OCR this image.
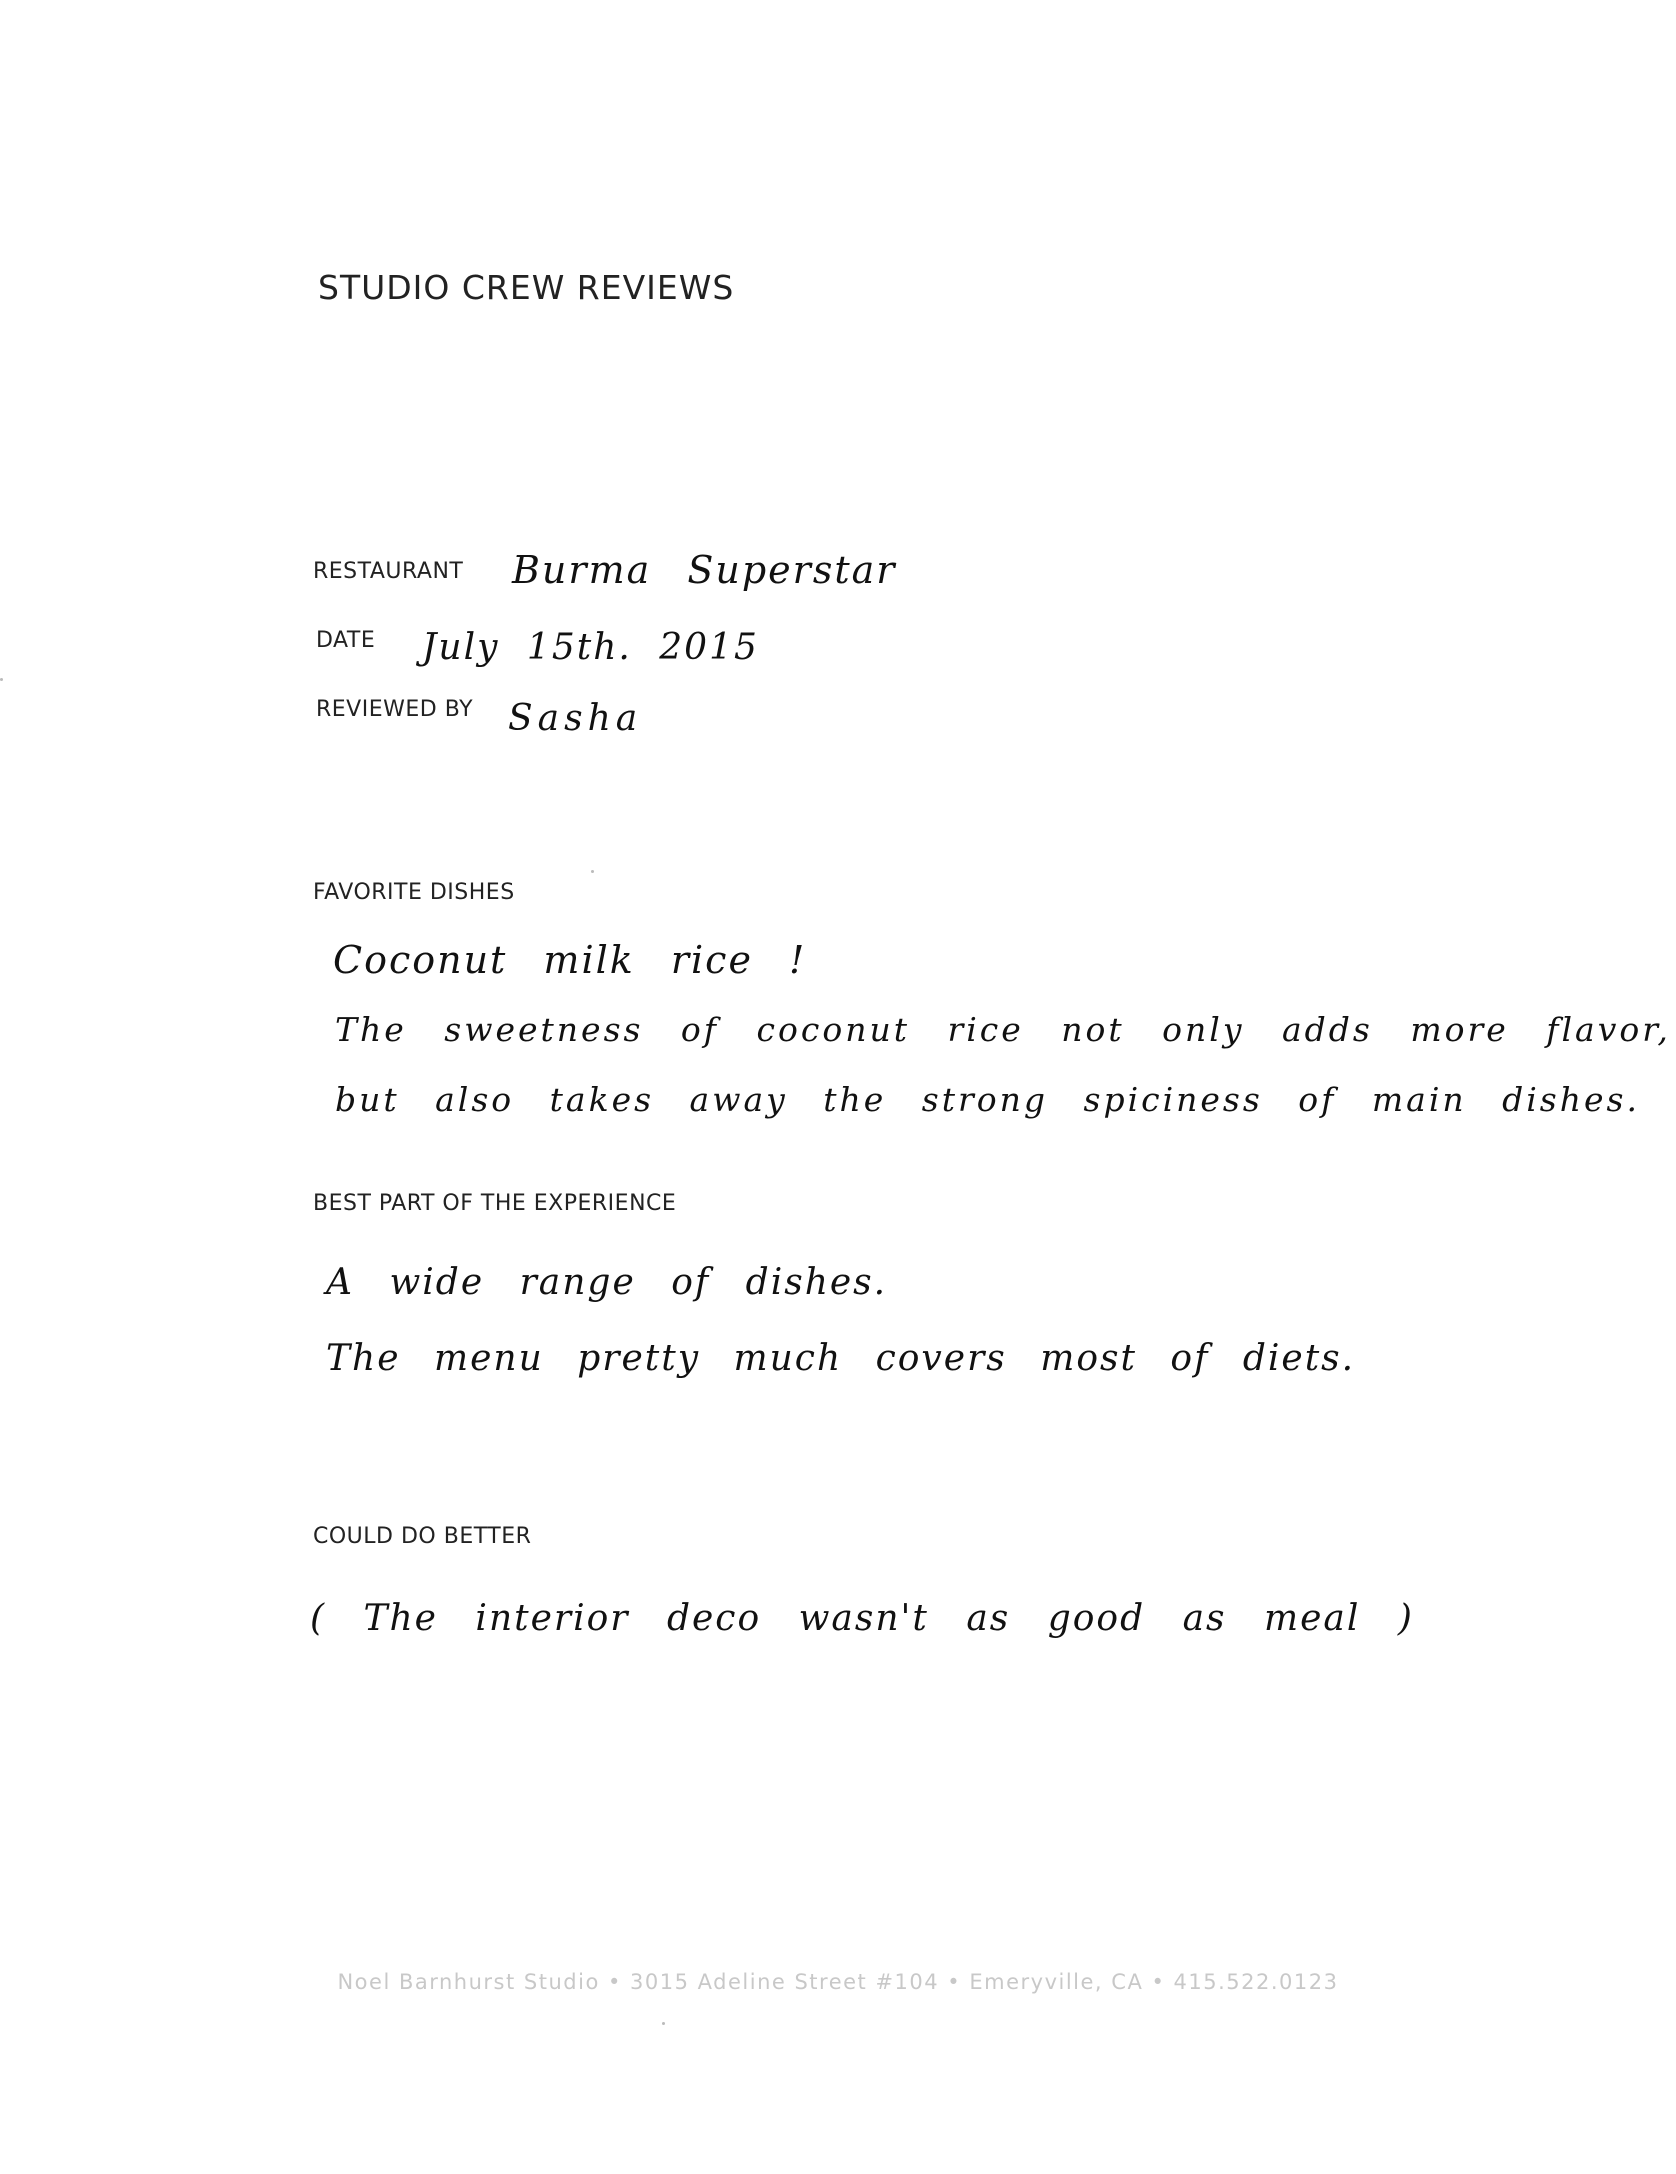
STUDIO CREW REVIEWS
RESTAURANT Burma Superstar
DATE July 15th. 2015
REVIEWED BY Sasha
FAVORITE DISHES
Coconut milk rice !
The sweetness of coconut rice not only adds more flavor,
but also takes away the strong spiciness of main dishes.
BEST PART OF THE EXPERIENCE
A wide range of dishes.
The menu pretty much covers most of diets.
COULD DO BETTER
( The interior deco wasn't as good as meal )
Noel Barnhurst Studio • 3015 Adeline Street #104 • Emeryville, CA • 415.522.0123
